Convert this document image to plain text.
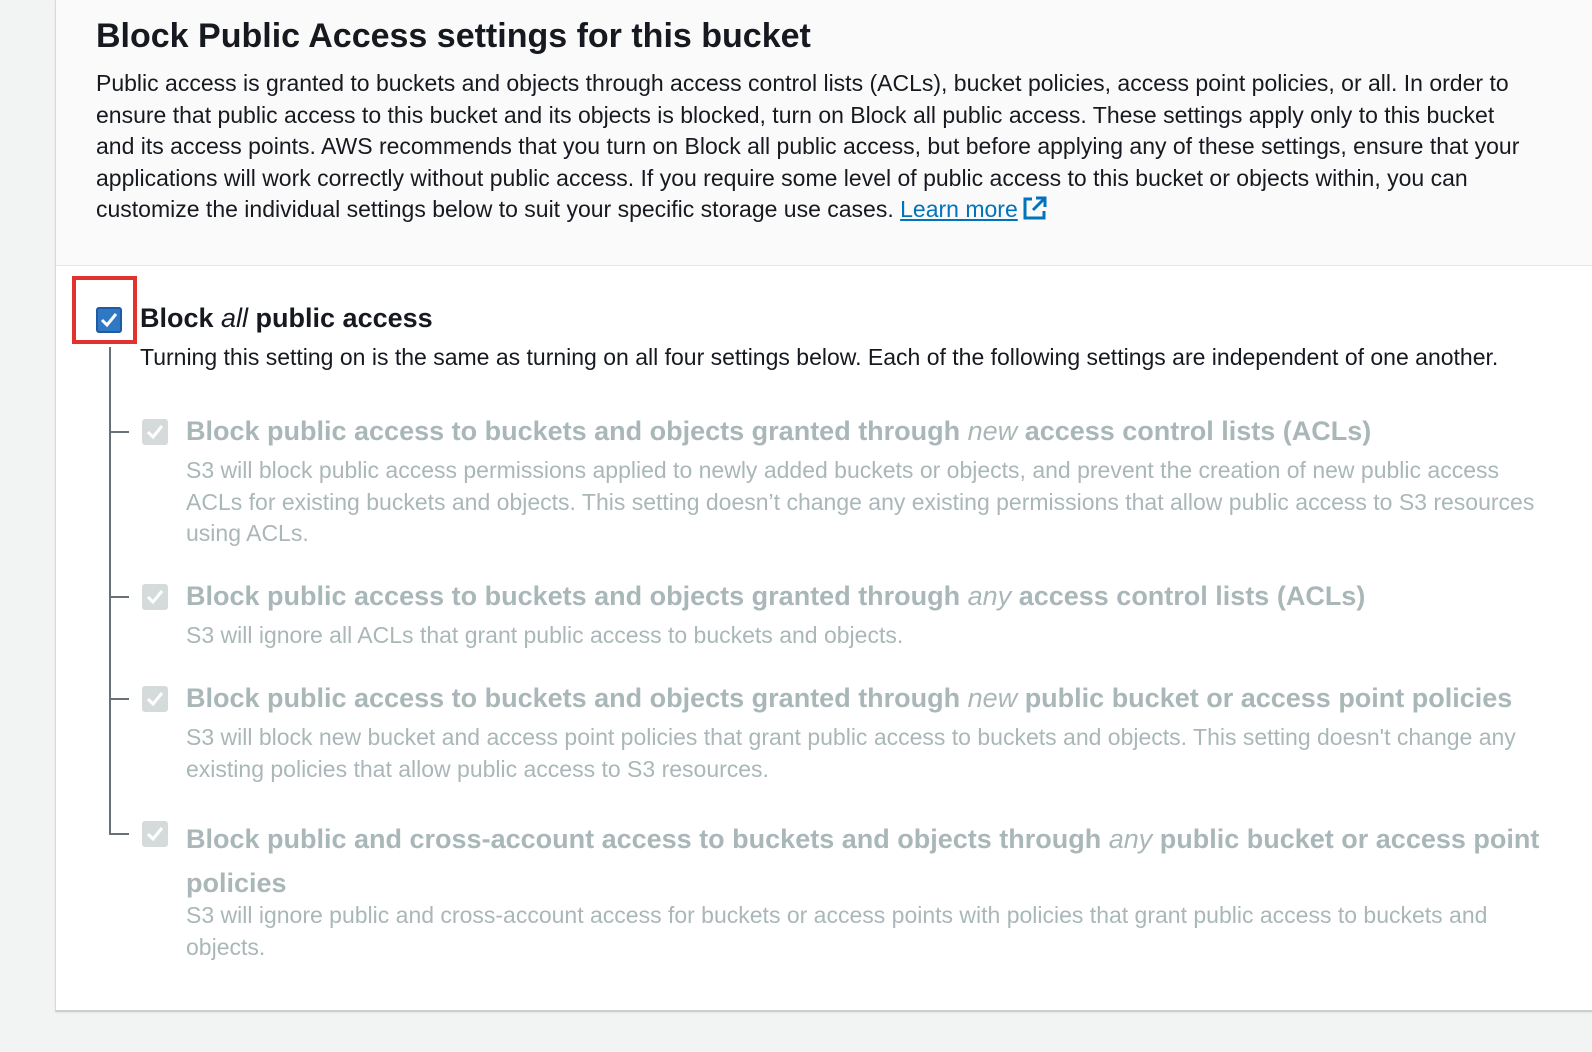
Block Public Access settings for this bucket

Public access is granted to buckets and objects through access control lists (ACLs), bucket policies, access point policies, or all. In order to
ensure that public access to this bucket and its objects is blocked, turn on Block all public access. These settings apply only to this bucket
and its access points. AWS recommends that you turn on Block all public access, but before applying any of these settings, ensure that your
applications will work correctly without public access. If you require some level of public access to this bucket or objects within, you can
customize the individual settings below to suit your specific storage use cases. Learn more

Block all public access

Turning this setting on is the same as turning on all four settings below. Each of the following settings are independent of one another.

Block public access to buckets and objects granted through new access control lists (ACLs)

S3 will block public access permissions applied to newly added buckets or objects, and prevent the creation of new public access
ACLs for existing buckets and objects. This setting doesn’t change any existing permissions that allow public access to S3 resources
using ACLs.

Block public access to buckets and objects granted through any access control lists (ACLs)

S3 will ignore all ACLs that grant public access to buckets and objects.

Block public access to buckets and objects granted through new public bucket or access point policies

S3 will block new bucket and access point policies that grant public access to buckets and objects. This setting doesn't change any
existing policies that allow public access to S3 resources.

Block public and cross-account access to buckets and objects through any public bucket or access point
policies

S3 will ignore public and cross-account access for buckets or access points with policies that grant public access to buckets and
objects.
